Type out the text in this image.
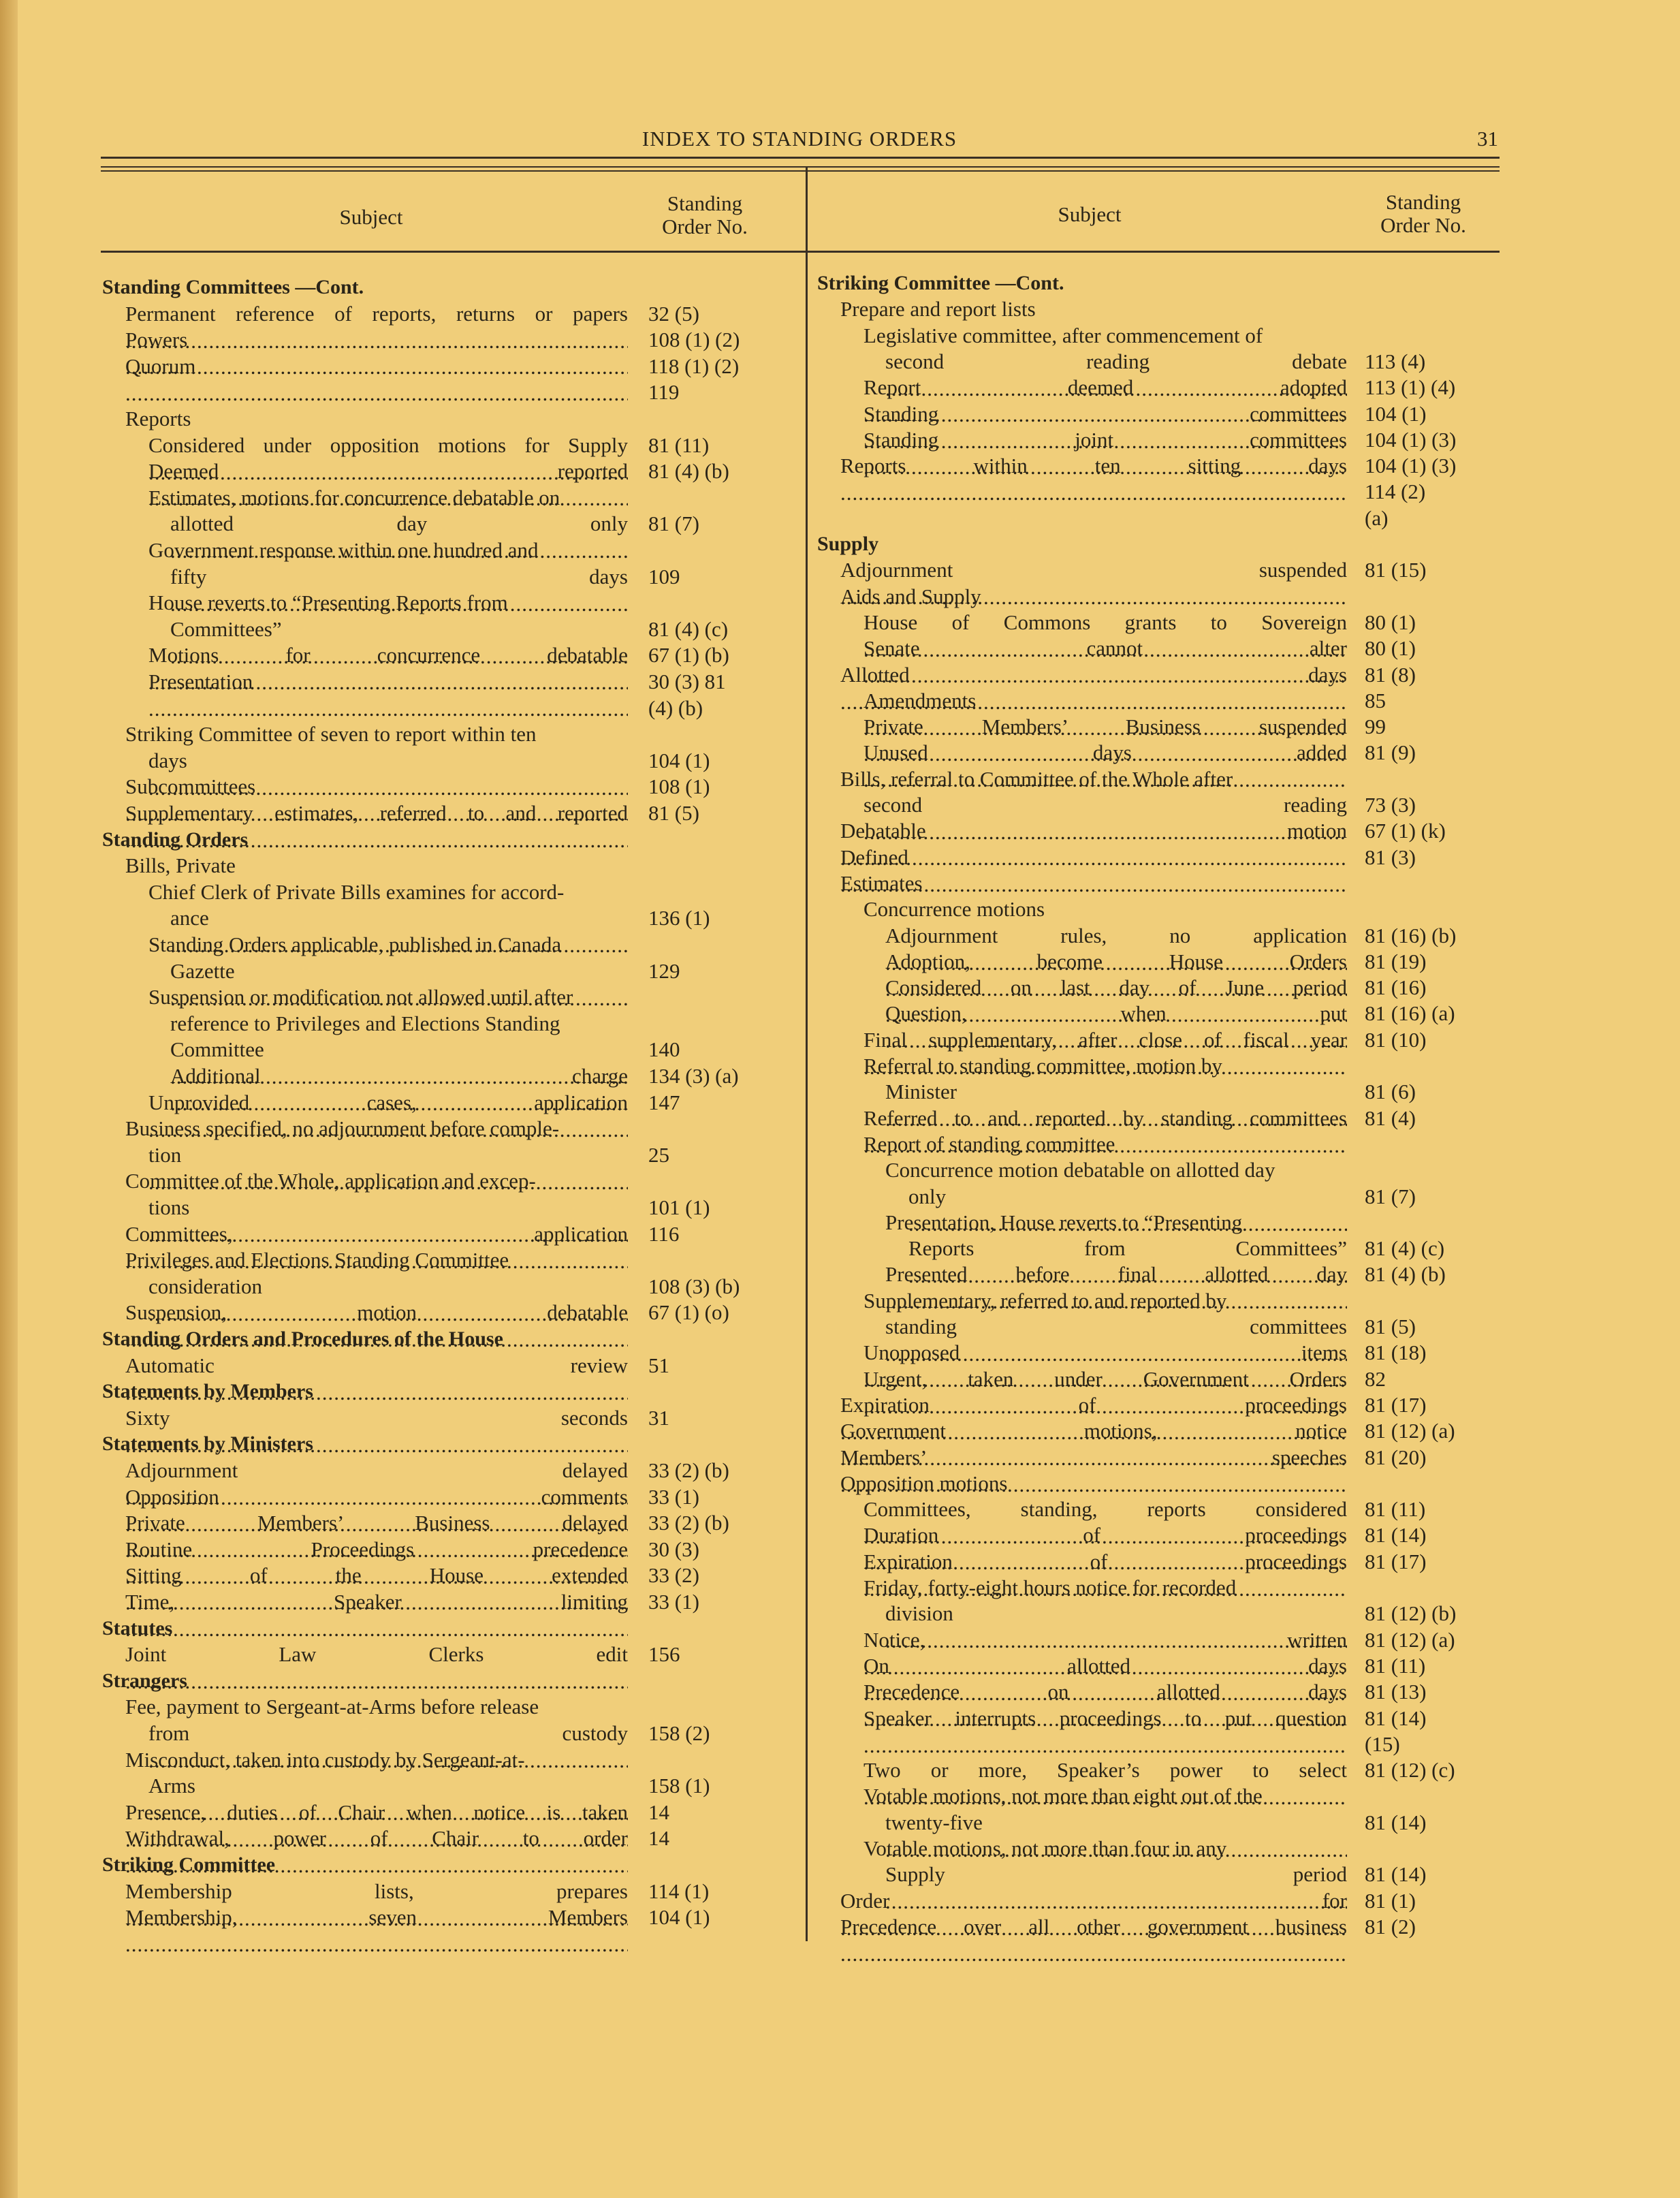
INDEX TO STANDING ORDERS	31
Subject
Standing
Order No.
Subject
Standing
Order No.
Standing Committees —Cont.
Permanent reference of reports, returns or papers ..... 32 (5)
Powers .....	108 (1) (2)
Quorum .....	118 (1) (2)
119
Reports
Considered under opposition motions for Supply ..... 81 (11)
Deemed reported ..... 81 (4) (b)
Estimates, motions for concurrence debatable on
allotted day only ..... 81 (7)
Government response within one hundred and
fifty days ..... 109
House reverts to “Presenting Reports from
Committees” .....	81 (4) (c)
Motions for concurrence debatable ..... 67 (1) (b)
Presentation .....	30 (3) 81
(4) (b)
Striking Committee of seven to report within ten
days .....	104 (1)
Subcommittees .....	108 (1)
Supplementary estimates, referred to and reported ..... 81 (5)
Standing Orders
Bills, Private
Chief Clerk of Private Bills examines for accord-
ance .....	136 (1)
Standing Orders applicable, published in Canada
Gazette .....	129
Suspension or modification not allowed until after
reference to Privileges and Elections Standing
Committee .....	140
Additional charge ..... 134 (3) (a)
Unprovided cases, application ..... 147
Business specified, no adjournment before comple-
tion .....	25
Committee of the Whole, application and excep-
tions .....	101 (1)
Committees, application ..... 116
Privileges and Elections Standing Committee
consideration .....	108 (3) (b)
Suspension, motion debatable ..... 67 (1) (o)
Standing Orders and Procedures of the House
Automatic review ..... 51
Statements by Members
Sixty seconds ..... 31
Statements by Ministers
Adjournment delayed ..... 33 (2) (b)
Opposition comments ..... 33 (1)
Private Members’ Business delayed ..... 33 (2) (b)
Routine Proceedings precedence ..... 30 (3)
Sitting of the House extended ..... 33 (2)
Time, Speaker limiting ..... 33 (1)
Statutes
Joint Law Clerks edit ..... 156
Strangers
Fee, payment to Sergeant-at-Arms before release
from custody ..... 158 (2)
Misconduct, taken into custody by Sergeant-at-
Arms .....	158 (1)
Presence, duties of Chair when notice is taken ..... 14
Withdrawal, power of Chair to order ..... 14
Striking Committee
Membership lists, prepares ..... 114 (1)
Membership, seven Members ..... 104 (1)
Striking Committee —Cont.
Prepare and report lists
Legislative committee, after commencement of
second reading debate ..... 113 (4)
Report deemed adopted ..... 113 (1) (4)
Standing committees ..... 104 (1)
Standing joint committees ..... 104 (1) (3)
Reports within ten sitting days ..... 104 (1) (3)
114 (2)
(a)
Supply
Adjournment suspended ..... 81 (15)
Aids and Supply
House of Commons grants to Sovereign ..... 80 (1)
Senate cannot alter ..... 80 (1)
Allotted days ..... 81 (8)
Amendments .....	85
Private Members’ Business suspended ..... 99
Unused days added ..... 81 (9)
Bills, referral to Committee of the Whole after
second reading ..... 73 (3)
Debatable motion ..... 67 (1) (k)
Defined .....	81 (3)
Estimates
Concurrence motions
Adjournment rules, no application ..... 81 (16) (b)
Adoption, become House Orders ..... 81 (19)
Considered on last day of June period ..... 81 (16)
Question, when put ..... 81 (16) (a)
Final supplementary, after close of fiscal year ..... 81 (10)
Referral to standing committee, motion by
Minister .....	81 (6)
Referred to and reported by standing committees ..... 81 (4)
Report of standing committee
Concurrence motion debatable on allotted day
only .....	81 (7)
Presentation, House reverts to “Presenting
Reports from Committees” ..... 81 (4) (c)
Presented before final allotted day ..... 81 (4) (b)
Supplementary, referred to and reported by
standing committees ..... 81 (5)
Unopposed items ..... 81 (18)
Urgent, taken under Government Orders ..... 82
Expiration of proceedings ..... 81 (17)
Government motions, notice ..... 81 (12) (a)
Members’ speeches ..... 81 (20)
Opposition motions
Committees, standing, reports considered ..... 81 (11)
Duration of proceedings ..... 81 (14)
Expiration of proceedings ..... 81 (17)
Friday, forty-eight hours notice for recorded
division .....	81 (12) (b)
Notice, written ..... 81 (12) (a)
On allotted days ..... 81 (11)
Precedence on allotted days ..... 81 (13)
Speaker interrupts proceedings to put question ..... 81 (14)
(15)
Two or more, Speaker’s power to select ..... 81 (12) (c)
Votable motions, not more than eight out of the
twenty-five .....	81 (14)
Votable motions, not more than four in any
Supply period ..... 81 (14)
Order for ..... 81 (1)
Precedence over all other government business ..... 81 (2)
